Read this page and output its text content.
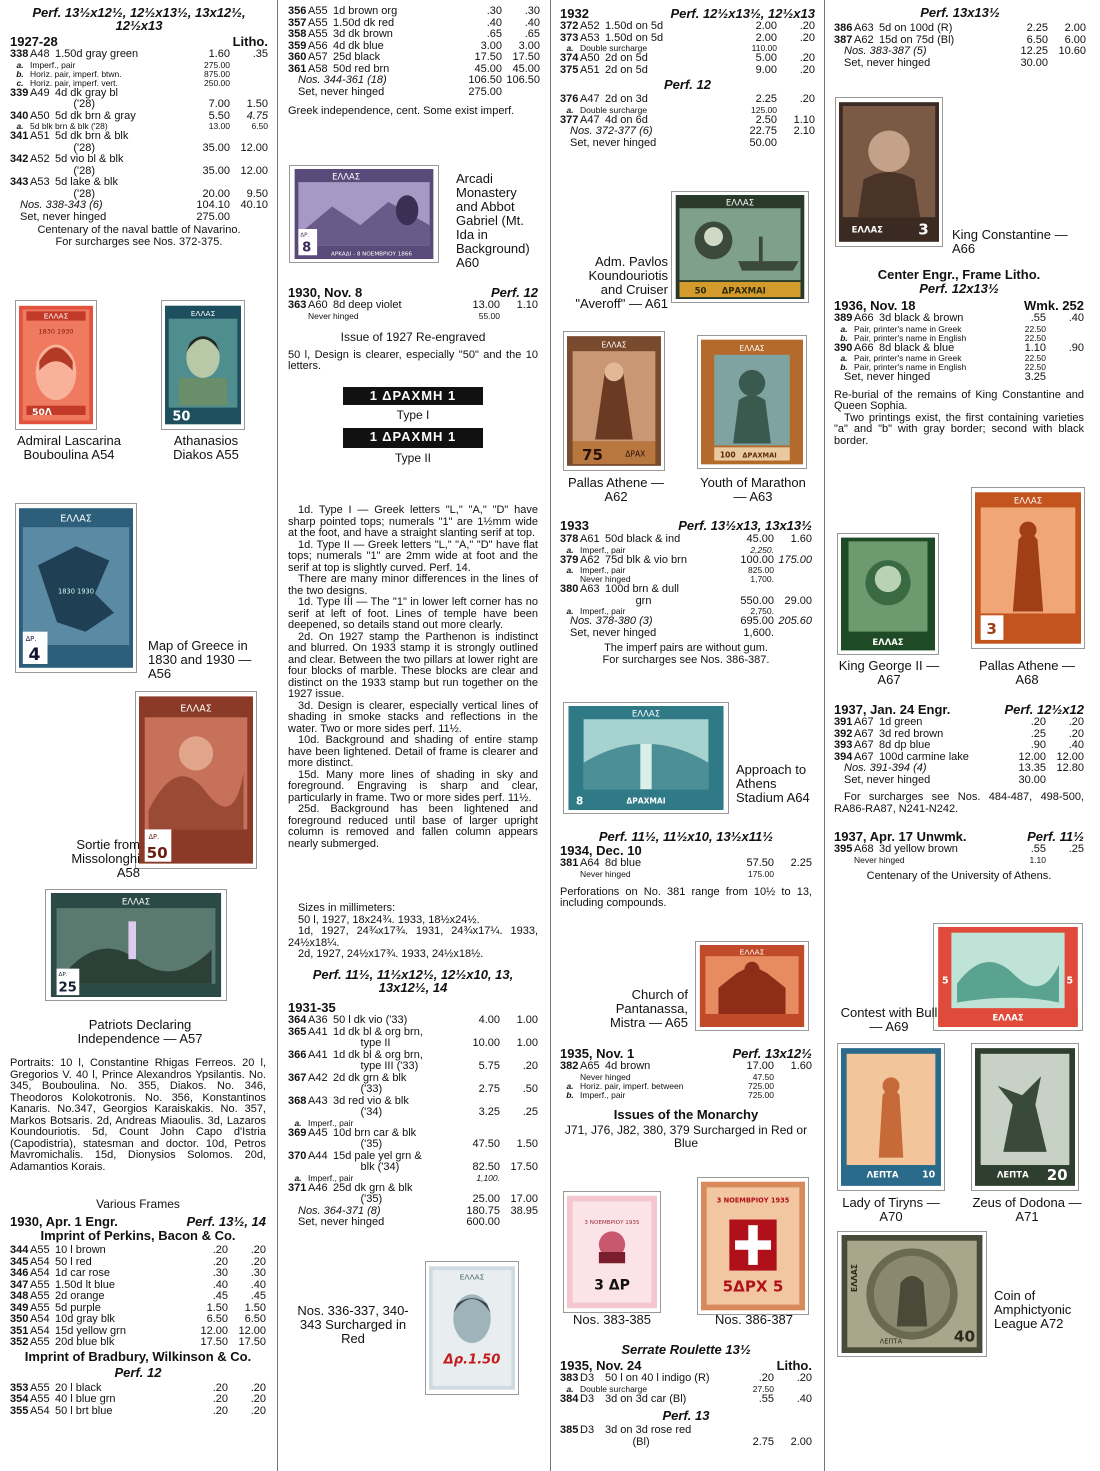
Perf. 13½x12½, 12½x13½, 13x12½, 12½x13
1927-28	Litho.
338 A48 1.50d gray green	1.60	.35
a. Imperf., pair	275.00
b. Horiz. pair, imperf. btwn.	875.00
c. Horiz. pair, imperf. vert.	250.00
339 A49 4d dk gray bl
('28)	7.00	1.50
340 A50 5d dk brn & gray	5.50	4.75
a. 5d blk brn & blk ('28)	13.00	6.50
341 A51 5d dk brn & blk
('28)	35.00 12.00
342 A52 5d vio bl & blk
('28)	35.00 12.00
343 A53 5d lake & blk
('28)	20.00	9.50
Nos. 338-343 (6)	104.10 40.10
Set, never hinged	275.00
Centenary of the naval battle of Navarino.
For surcharges see Nos. 372-375.
ΕΛΛΑΣ
1830 1930
50Λ
ΕΛΛΑΣ
50
Admiral Lascarina Bouboulina A54
Athanasios Diakos A55
ΕΛΛΑΣ
1830 1930
ΔΡ.
4	Map of Greece in 1830 and 1930 — A56
ΕΛΛΑΣ
ΔΡ.
50
Sortie from Missolonghi A58
ΕΛΛΑΣ
ΔΡ.
25
Patriots Declaring Independence — A57
Portraits: 10 l, Constantine Rhigas Ferreos. 20 l, Gregorios V. 40 l, Prince Alexandros Ypsilantis. No. 345, Bouboulina. No. 355, Diakos. No. 346, Theodoros Kolokotronis. No. 356, Konstantinos Kanaris. No.347, Georgios Karaiskakis. No. 357, Markos Botsaris. 2d, Andreas Miaoulis. 3d, Lazaros Koundouriotis. 5d, Count John Capo d'Istria (Capodistria), statesman and doctor. 10d, Petros Mavromichalis. 15d, Dionysios Solomos. 20d, Adamantios Korais.
Various Frames
1930, Apr. 1 Engr.	Perf. 13½, 14
Imprint of Perkins, Bacon & Co.
344 A55 10 l brown	.20	.20
345 A54 50 l red	.20	.20
346 A54 1d car rose	.30	.30
347 A55 1.50d lt blue	.40	.40
348 A55 2d orange	.45	.45
349 A55 5d purple	1.50	1.50
350 A54 10d gray blk	6.50	6.50
351 A54 15d yellow grn	12.00 12.00
352 A55 20d blue blk	17.50 17.50
Imprint of Bradbury, Wilkinson & Co.
Perf. 12
353 A55 20 l black	.20	.20
354 A55 40 l blue grn	.20	.20
355 A54 50 l brt blue	.20	.20
356 A55 1d brown org	.30	.30
357 A55 1.50d dk red	.40	.40
358 A55 3d dk brown	.65	.65
359 A56 4d dk blue	3.00	3.00
360 A57 25d black	17.50 17.50
361 A58 50d red brn	45.00 45.00
Nos. 344-361 (18)	106.50 106.50
Set, never hinged	275.00
Greek independence, cent. Some exist imperf.
ΕΛΛΑΣ
ΔΡ.
8	ΑΡΚΑΔΙ - 8 ΝΟΕΜΒΡΙΟΥ 1866
Arcadi Monastery and Abbot Gabriel (Mt. Ida in Background) A60
1930, Nov. 8	Perf. 12
363 A60 8d deep violet	13.00	1.10
Never hinged	55.00
Issue of 1927 Re-engraved
50 l, Design is clearer, especially "50" and the 10 letters.
1 ΔΡΑΧΜΗ 1
Type I
1 ΔΡΑΧΜΗ 1
Type II
1d. Type I — Greek letters "L," "A," "D" have sharp pointed tops; numerals "1" are 1½mm wide at the foot, and have a straight slanting serif at top.
1d. Type II — Greek letters "L," "A," "D" have flat tops; numerals "1" are 2mm wide at foot and the serif at top is slightly curved. Perf. 14.
There are many minor differences in the lines of the two designs.
1d. Type III — The "1" in lower left corner has no serif at left of foot. Lines of temple have been deepened, so details stand out more clearly.
2d. On 1927 stamp the Parthenon is indistinct and blurred. On 1933 stamp it is strongly outlined and clear. Between the two pillars at lower right are four blocks of marble. These blocks are clear and distinct on the 1933 stamp but run together on the 1927 issue.
3d. Design is clearer, especially vertical lines of shading in smoke stacks and reflections in the water. Two or more sides perf. 11½.
10d. Background and shading of entire stamp have been lightened. Detail of frame is clearer and more distinct.
15d. Many more lines of shading in sky and foreground. Engraving is sharp and clear, particularly in frame. Two or more sides perf. 11½.
25d. Background has been lightened and foreground reduced until base of larger upright column is removed and fallen column appears nearly submerged.
Sizes in millimeters:
50 l, 1927, 18x24¾. 1933, 18½x24½.
1d, 1927, 24¾x17¾. 1931, 24¾x17¼. 1933, 24½x18¼.
2d, 1927, 24½x17¾. 1933, 24½x18½.
Perf. 11½, 11½x12½, 12½x10, 13, 13x12½, 14
1931-35
364 A36 50 l dk vio ('33)	4.00	1.00
365 A41 1d dk bl & org brn,
type II	10.00	1.00
366 A41 1d dk bl & org brn,
type III ('33)	5.75	.20
367 A42 2d dk grn & blk
('33)	2.75	.50
368 A43 3d red vio & blk
('34)	3.25	.25
a. Imperf., pair
369 A45 10d brn car & blk
('35)	47.50	1.50
370 A44 15d pale yel grn &
blk ('34)	82.50 17.50
a. Imperf., pair	1,100.
371 A46 25d dk grn & blk
('35)	25.00 17.00
Nos. 364-371 (8)	180.75 38.95
Set, never hinged	600.00
Nos. 336-337, 340-343 Surcharged in Red
ΕΛΛΑΣ
Δρ.1.50
1932	Perf. 12½x13½, 12½x13
372 A52 1.50d on 5d	2.00	.20
373 A53 1.50d on 5d	2.00	.20
a. Double surcharge	110.00
374 A50 2d on 5d	5.00	.20
375 A51 2d on 5d	9.00	.20
Perf. 12
376 A47 2d on 3d	2.25	.20
a. Double surcharge	125.00
377 A47 4d on 6d	2.50	1.10
Nos. 372-377 (6)	22.75	2.10
Set, never hinged	50.00
ΕΛΛΑΣ
50 ΔΡΑΧΜΑΙ
Adm. Pavlos Koundouriotis and Cruiser "Averoff" — A61
ΕΛΛΑΣ
75	ΔΡΑΧ
ΕΛΛΑΣ
100 ΔΡΑΧΜΑΙ
Pallas Athene — A62
Youth of Marathon — A63
1933	Perf. 13½x13, 13x13½
378 A61 50d black & ind	45.00	1.60
a. Imperf., pair	2,250.
379 A62 75d blk & vio brn	100.00 175.00
a. Imperf., pair	825.00
Never hinged	1,700.
380 A63 100d brn & dull
grn	550.00 29.00
a. Imperf., pair	2,750.
Nos. 378-380 (3)	695.00 205.60
Set, never hinged	1,600.
The imperf pairs are without gum.
For surcharges see Nos. 386-387.
ΕΛΛΑΣ
8	ΔΡΑΧΜΑΙ
Approach to Athens Stadium A64
Perf. 11½, 11½x10, 13½x11½
1934, Dec. 10
381 A64 8d blue	57.50	2.25
Never hinged	175.00
Perforations on No. 381 range from 10½ to 13, including compounds.
ΕΛΛΑΣ
Church of Pantanassa, Mistra — A65
1935, Nov. 1	Perf. 13x12½
382 A65 4d brown	17.00	1.60
Never hinged	47.50
a. Horiz. pair, imperf. between	725.00
b. Imperf., pair	725.00
Issues of the Monarchy
J71, J76, J82, 380, 379 Surcharged in Red or Blue
3 ΝΟΕΜΒΡΙΟΥ 1935
3 ΔΡ
3 ΝΟΕΜΒΡΙΟΥ 1935
5ΔΡΧ 5
Nos. 383-385	Nos. 386-387
Serrate Roulette 13½
1935, Nov. 24	Litho.
383 D3 50 l on 40 l indigo (R)	.20	.20
a. Double surcharge	27.50
384 D3 3d on 3d car (Bl)	.55	.40
Perf. 13
385 D3 3d on 3d rose red
(Bl)	2.75	2.00
Perf. 13x13½
386 A63 5d on 100d (R)	2.25	2.00
387 A62 15d on 75d (Bl)	6.50	6.00
Nos. 383-387 (5)	12.25 10.60
Set, never hinged	30.00
ΕΛΛΑΣ 3 King Constantine — A66
Center Engr., Frame Litho.
Perf. 12x13½
1936, Nov. 18	Wmk. 252
389 A66 3d black & brown	.55	.40
a. Pair, printer's name in Greek	22.50
b. Pair, printer's name in English	22.50
390 A66 8d black & blue	1.10	.90
a. Pair, printer's name in Greek	22.50
b. Pair, printer's name in English	22.50
Set, never hinged	3.25
Re-burial of the remains of King Constantine and Queen Sophia.
Two printings exist, the first containing varieties "a" and "b" with gray border; second with black border.
ΕΛΛΑΣ
ΕΛΛΑΣ
3
King George II — A67
Pallas Athene — A68
1937, Jan. 24 Engr.	Perf. 12½x12
391 A67 1d green	.20	.20
392 A67 3d red brown	.25	.20
393 A67 8d dp blue	.90	.40
394 A67 100d carmine lake	12.00 12.00
Nos. 391-394 (4)	13.35 12.80
Set, never hinged	30.00
For surcharges see Nos. 484-487, 498-500, RA86-RA87, N241-N242.
1937, Apr. 17 Unwmk.	Perf. 11½
395 A68 3d yellow brown	.55	.25
Never hinged	1.10
Centenary of the University of Athens.
ΕΛΛΑΣ
5	5
Contest with Bull — A69
ΛΕΠΤΑ 10	ΛΕΠΤΑ 20
Lady of Tiryns — A70
Zeus of Dodona — A71
ΕΛΛΑΣ
40
ΛΕΠΤΑ
Coin of Amphictyonic League A72
